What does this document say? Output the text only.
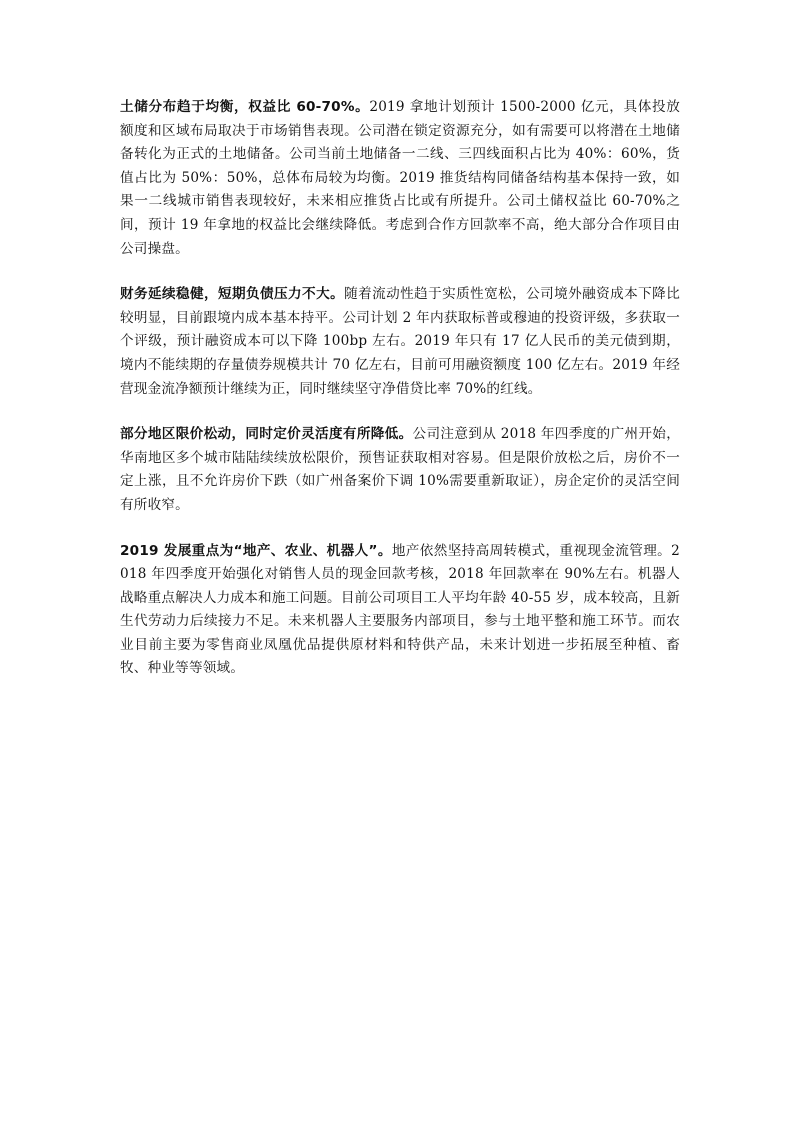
土储分布趋于均衡，权益比 60-70%。2019 拿地计划预计 1500-2000 亿元，具体投放额度和区域布局取决于市场销售表现。公司潜在锁定资源充分，如有需要可以将潜在土地储备转化为正式的土地储备。公司当前土地储备一二线、三四线面积占比为 40%：60%，货值占比为 50%：50%，总体布局较为均衡。2019 推货结构同储备结构基本保持一致，如果一二线城市销售表现较好，未来相应推货占比或有所提升。公司土储权益比 60-70%之间，预计 19 年拿地的权益比会继续降低。考虑到合作方回款率不高，绝大部分合作项目由公司操盘。

财务延续稳健，短期负债压力不大。随着流动性趋于实质性宽松，公司境外融资成本下降比较明显，目前跟境内成本基本持平。公司计划 2 年内获取标普或穆迪的投资评级，多获取一个评级，预计融资成本可以下降 100bp 左右。2019 年只有 17 亿人民币的美元债到期，境内不能续期的存量债券规模共计 70 亿左右，目前可用融资额度 100 亿左右。2019 年经营现金流净额预计继续为正，同时继续坚守净借贷比率 70%的红线。

部分地区限价松动，同时定价灵活度有所降低。公司注意到从 2018 年四季度的广州开始，华南地区多个城市陆陆续续放松限价，预售证获取相对容易。但是限价放松之后，房价不一定上涨，且不允许房价下跌（如广州备案价下调 10%需要重新取证），房企定价的灵活空间有所收窄。

2019 发展重点为“地产、农业、机器人”。地产依然坚持高周转模式，重视现金流管理。2018 年四季度开始强化对销售人员的现金回款考核，2018 年回款率在 90%左右。机器人战略重点解决人力成本和施工问题。目前公司项目工人平均年龄 40-55 岁，成本较高，且新生代劳动力后续接力不足。未来机器人主要服务内部项目，参与土地平整和施工环节。而农业目前主要为零售商业凤凰优品提供原材料和特供产品，未来计划进一步拓展至种植、畜牧、种业等等领域。
